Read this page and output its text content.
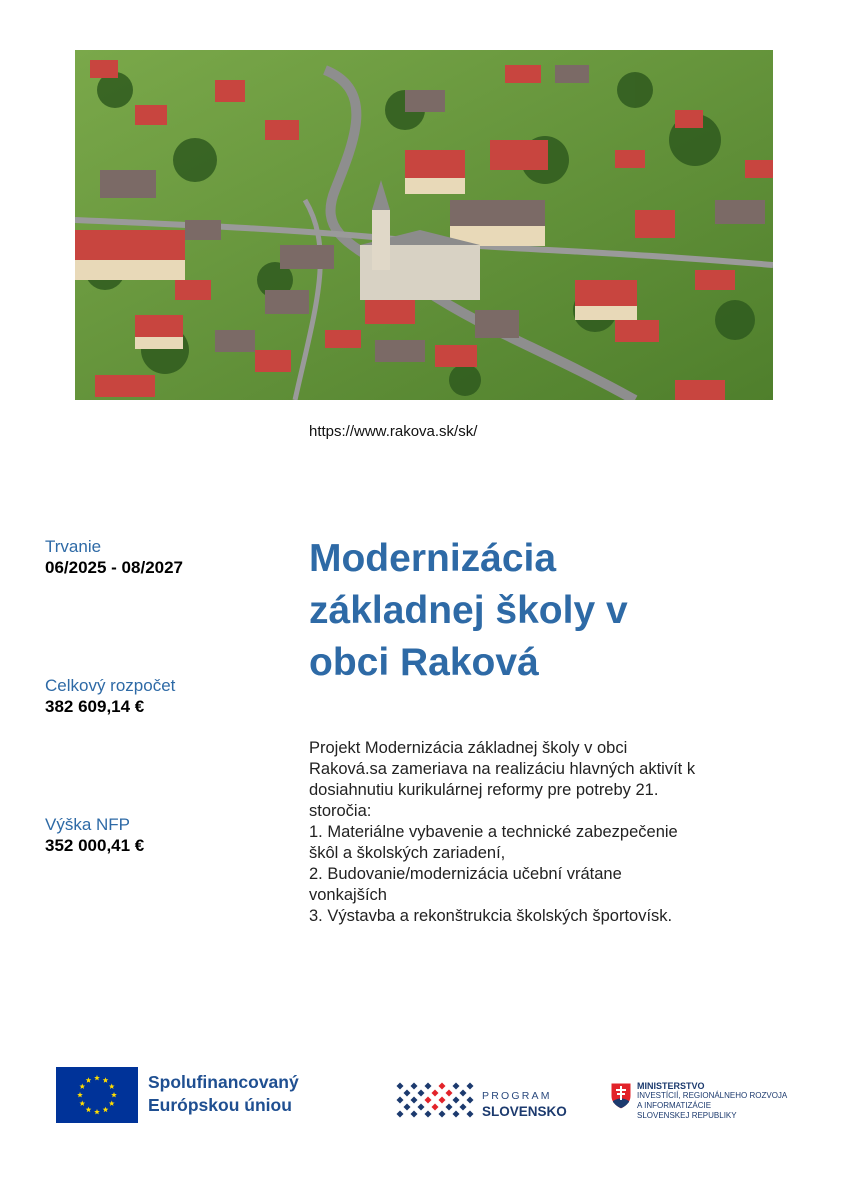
https://www.rakova.sk/sk/
Trvanie
06/2025 - 08/2027
Celkový rozpočet
382 609,14 €
Výška NFP
352 000,41 €
Modernizácia
základnej školy v
obci Raková

Projekt Modernizácia základnej školy v obci

Raková.sa zameriava na realizáciu hlavných aktivít k

dosiahnutiu kurikulárnej reformy pre potreby 21.

storočia:

1. Materiálne vybavenie a technické zabezpečenie

škôl a školských zariadení,

2. Budovanie/modernizácia učební vrátane

vonkajších

3. Výstavba a rekonštrukcia školských športovísk.

Spolufinancovaný
Európskou úniou	PROGRAM
SLOVENSKO
MINISTERSTVO
INVESTÍCIÍ, REGIONÁLNEHO ROZVOJA
A INFORMATIZÁCIE
SLOVENSKEJ REPUBLIKY
